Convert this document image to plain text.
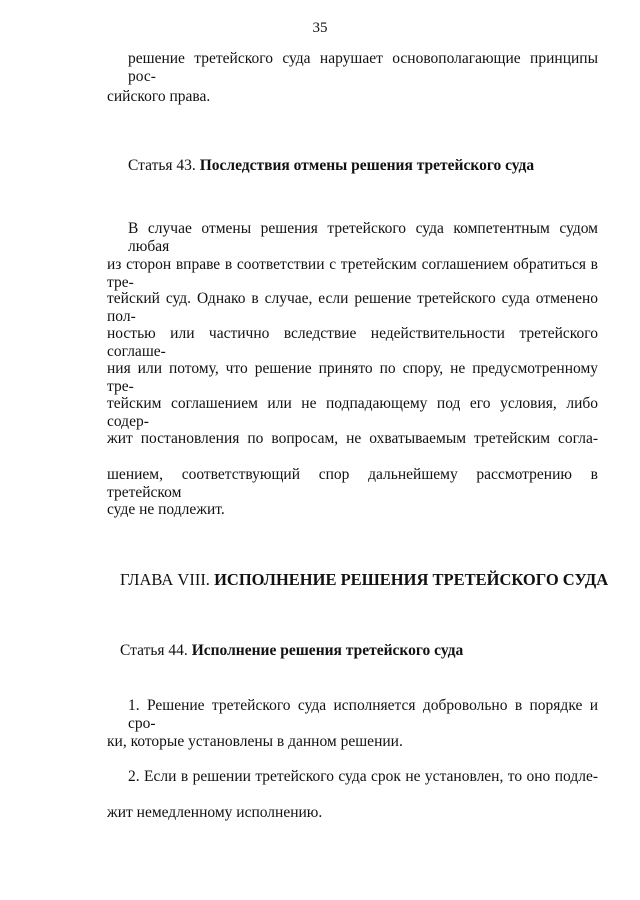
35
решение третейского суда нарушает основополагающие принципы рос-
сийского права.
Статья 43. Последствия отмены решения третейского суда
В случае отмены решения третейского суда компетентным судом любая
из сторон вправе в соответствии с третейским соглашением обратиться в тре-
тейский суд. Однако в случае, если решение третейского суда отменено пол-
ностью или частично вследствие недействительности третейского соглаше-
ния или потому, что решение принято по спору, не предусмотренному тре-
тейским соглашением или не подпадающему под его условия, либо содер-
жит постановления по вопросам, не охватываемым третейским согла-
шением, соответствующий спор дальнейшему рассмотрению в третейском
суде не подлежит.
ГЛАВА VIII. ИСПОЛНЕНИЕ РЕШЕНИЯ ТРЕТЕЙСКОГО СУДА
Статья 44. Исполнение решения третейского суда
1. Решение третейского суда исполняется добровольно в порядке и сро-
ки, которые установлены в данном решении.
2. Если в решении третейского суда срок не установлен, то оно подле-
жит немедленному исполнению.
